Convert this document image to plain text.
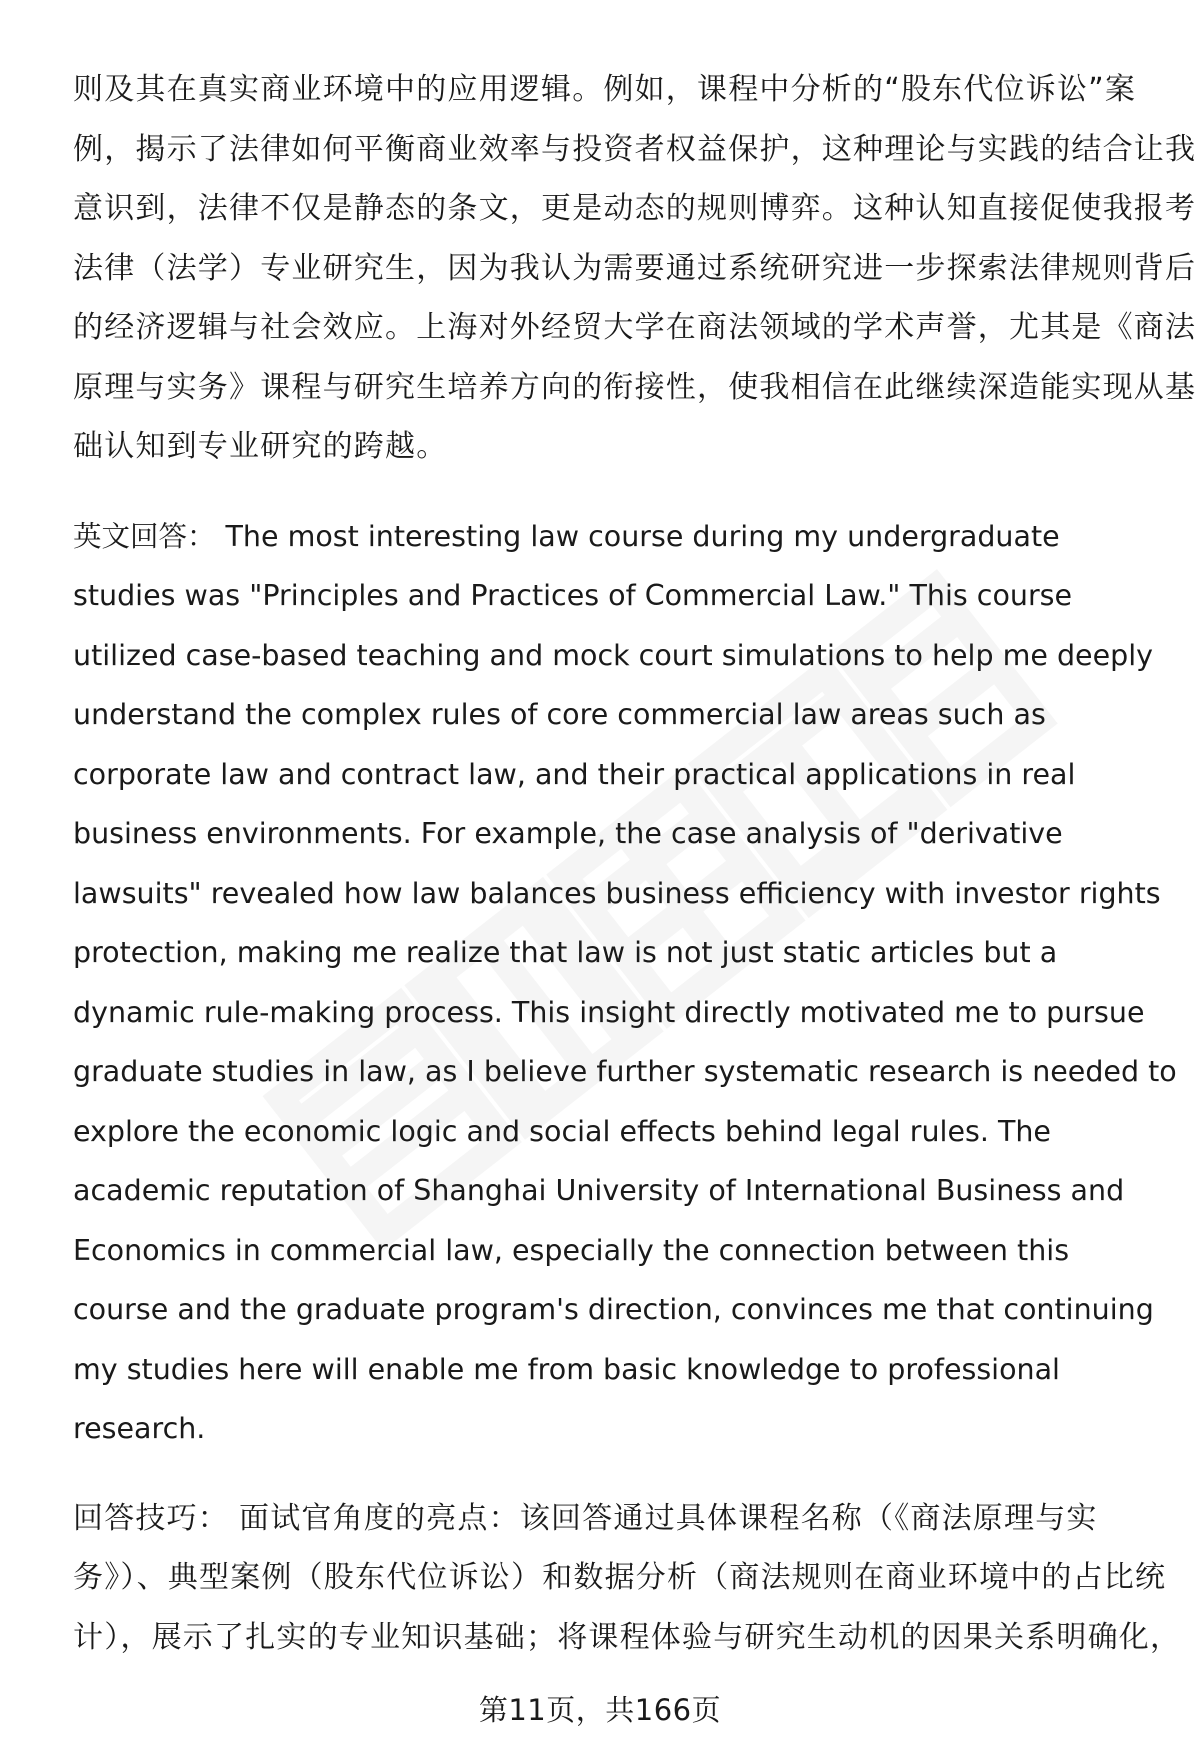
则及其在真实商业环境中的应用逻辑。例如，课程中分析的“股东代位诉讼”案
例，揭示了法律如何平衡商业效率与投资者权益保护，这种理论与实践的结合让我
意识到，法律不仅是静态的条文，更是动态的规则博弈。这种认知直接促使我报考
法律（法学）专业研究生，因为我认为需要通过系统研究进一步探索法律规则背后
的经济逻辑与社会效应。上海对外经贸大学在商法领域的学术声誉，尤其是《商法
原理与实务》课程与研究生培养方向的衔接性，使我相信在此继续深造能实现从基
础认知到专业研究的跨越。
英文回答： The most interesting law course during my undergraduate
studies was "Principles and Practices of Commercial Law." This course
utilized case-based teaching and mock court simulations to help me deeply
understand the complex rules of core commercial law areas such as
corporate law and contract law, and their practical applications in real
business environments. For example, the case analysis of "derivative
lawsuits" revealed how law balances business efficiency with investor rights
protection, making me realize that law is not just static articles but a
dynamic rule-making process. This insight directly motivated me to pursue
graduate studies in law, as I believe further systematic research is needed to
explore the economic logic and social effects behind legal rules. The
academic reputation of Shanghai University of International Business and
Economics in commercial law, especially the connection between this
course and the graduate program's direction, convinces me that continuing
my studies here will enable me from basic knowledge to professional
research.
回答技巧： 面试官角度的亮点：该回答通过具体课程名称（《商法原理与实
务》）、典型案例（股东代位诉讼）和数据分析（商法规则在商业环境中的占比统
计），展示了扎实的专业知识基础；将课程体验与研究生动机的因果关系明确化，
第11页，共166页
